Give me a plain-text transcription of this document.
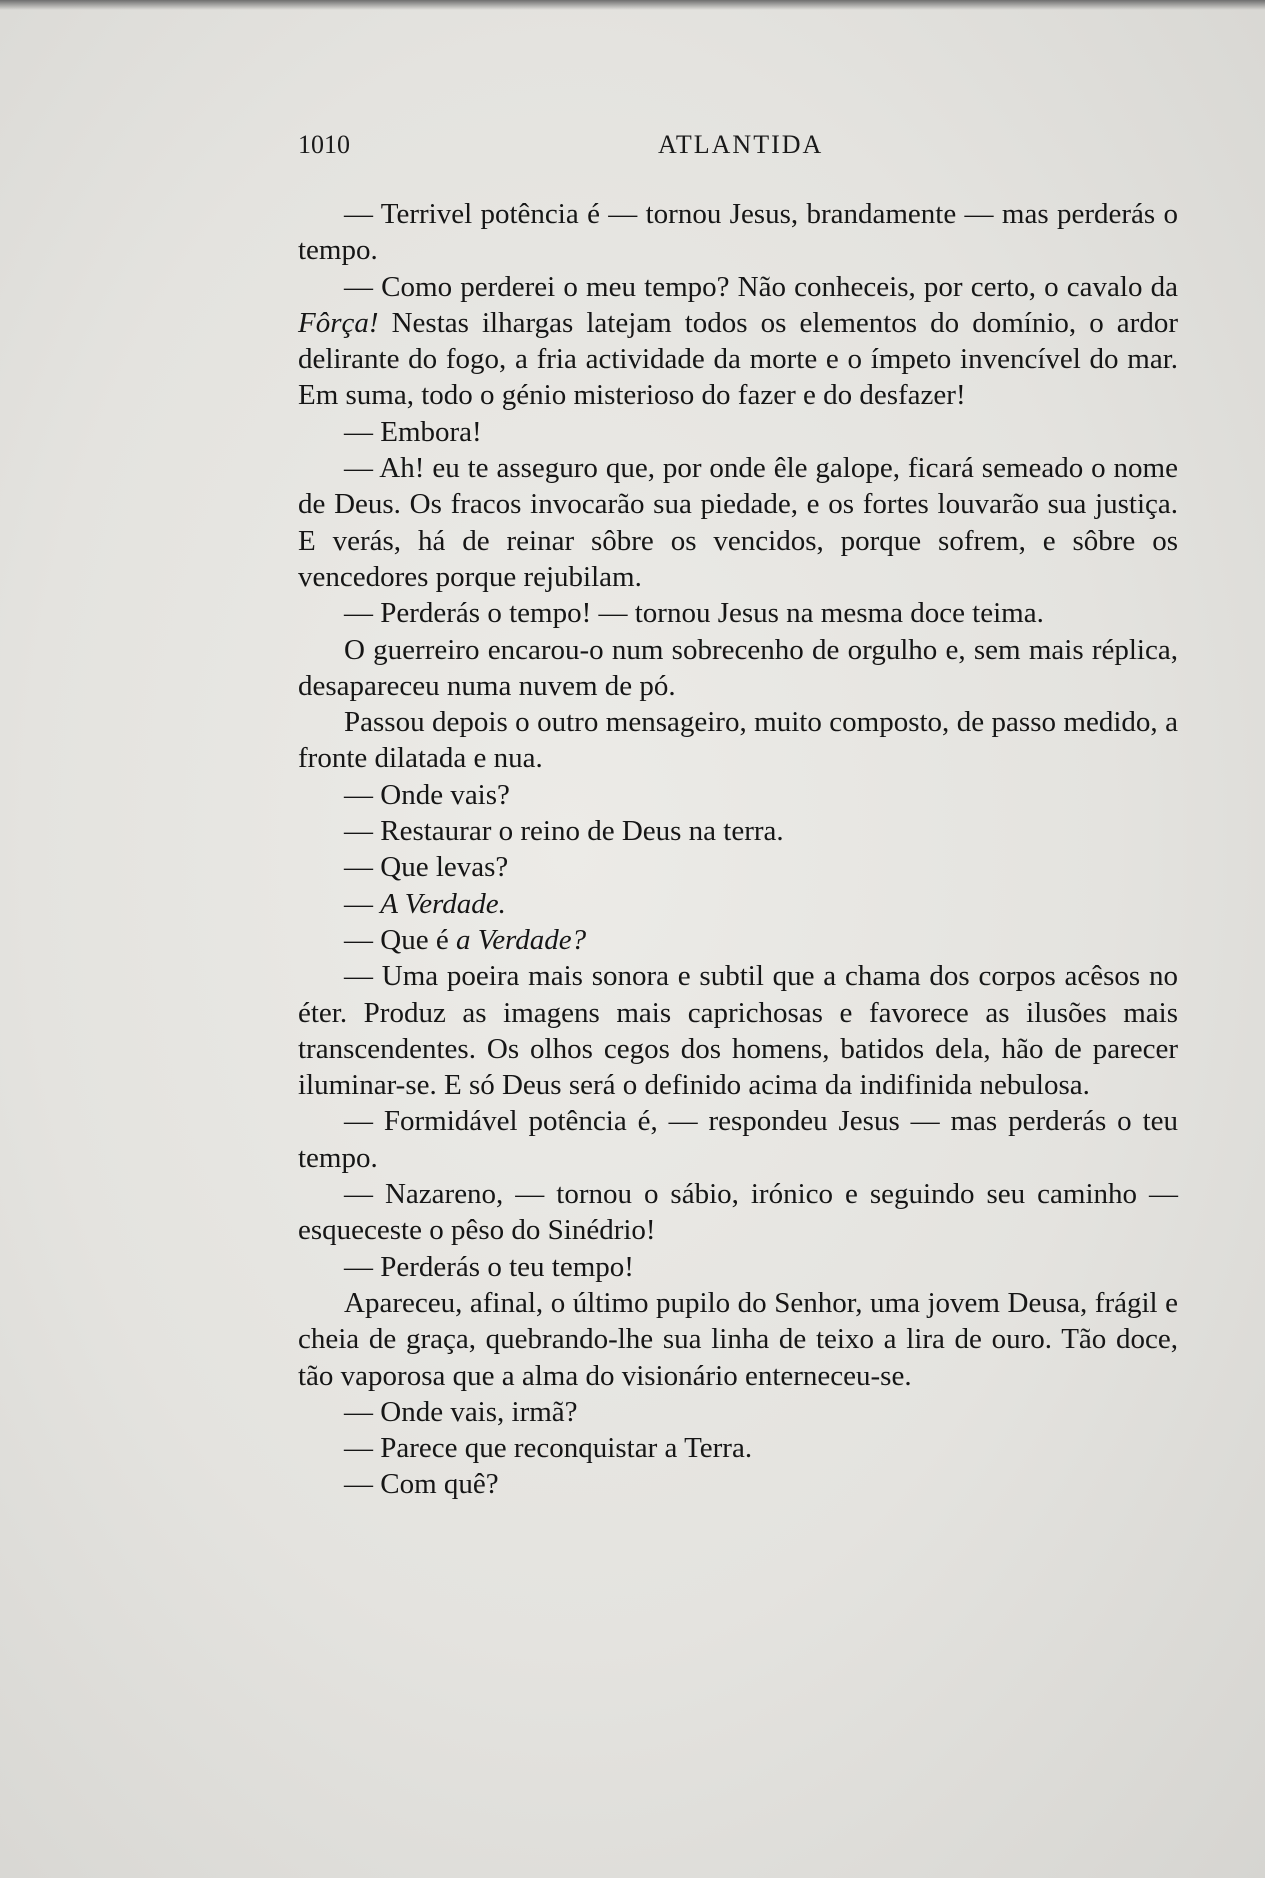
1010	ATLANTIDA

— Terrivel potência é — tornou Jesus, brandamente — mas perderás o tempo.

— Como perderei o meu tempo? Não conheceis, por certo, o cavalo da Fôrça! Nestas ilhargas latejam todos os elementos do domínio, o ardor delirante do fogo, a fria actividade da morte e o ímpeto invencível do mar. Em suma, todo o génio misterioso do fazer e do desfazer!

— Embora!

— Ah! eu te asseguro que, por onde êle galope, ficará semeado o nome de Deus. Os fracos invocarão sua piedade, e os fortes louvarão sua justiça. E verás, há de reinar sôbre os vencidos, porque sofrem, e sôbre os vencedores porque rejubilam.

— Perderás o tempo! — tornou Jesus na mesma doce teima.

O guerreiro encarou-o num sobrecenho de orgulho e, sem mais réplica, desapareceu numa nuvem de pó.

Passou depois o outro mensageiro, muito composto, de passo medido, a fronte dilatada e nua.

— Onde vais?

— Restaurar o reino de Deus na terra.

— Que levas?

— A Verdade.

— Que é a Verdade?

— Uma poeira mais sonora e subtil que a chama dos corpos acêsos no éter. Produz as imagens mais caprichosas e favorece as ilusões mais transcendentes. Os olhos cegos dos homens, batidos dela, hão de parecer iluminar-se. E só Deus será o definido acima da indifinida nebulosa.

— Formidável potência é, — respondeu Jesus — mas perderás o teu tempo.

— Nazareno, — tornou o sábio, irónico e seguindo seu caminho — esqueceste o pêso do Sinédrio!

— Perderás o teu tempo!

Apareceu, afinal, o último pupilo do Senhor, uma jovem Deusa, frágil e cheia de graça, quebrando-lhe sua linha de teixo a lira de ouro. Tão doce, tão vaporosa que a alma do visionário enterneceu-se.

— Onde vais, irmã?

— Parece que reconquistar a Terra.

— Com quê?
